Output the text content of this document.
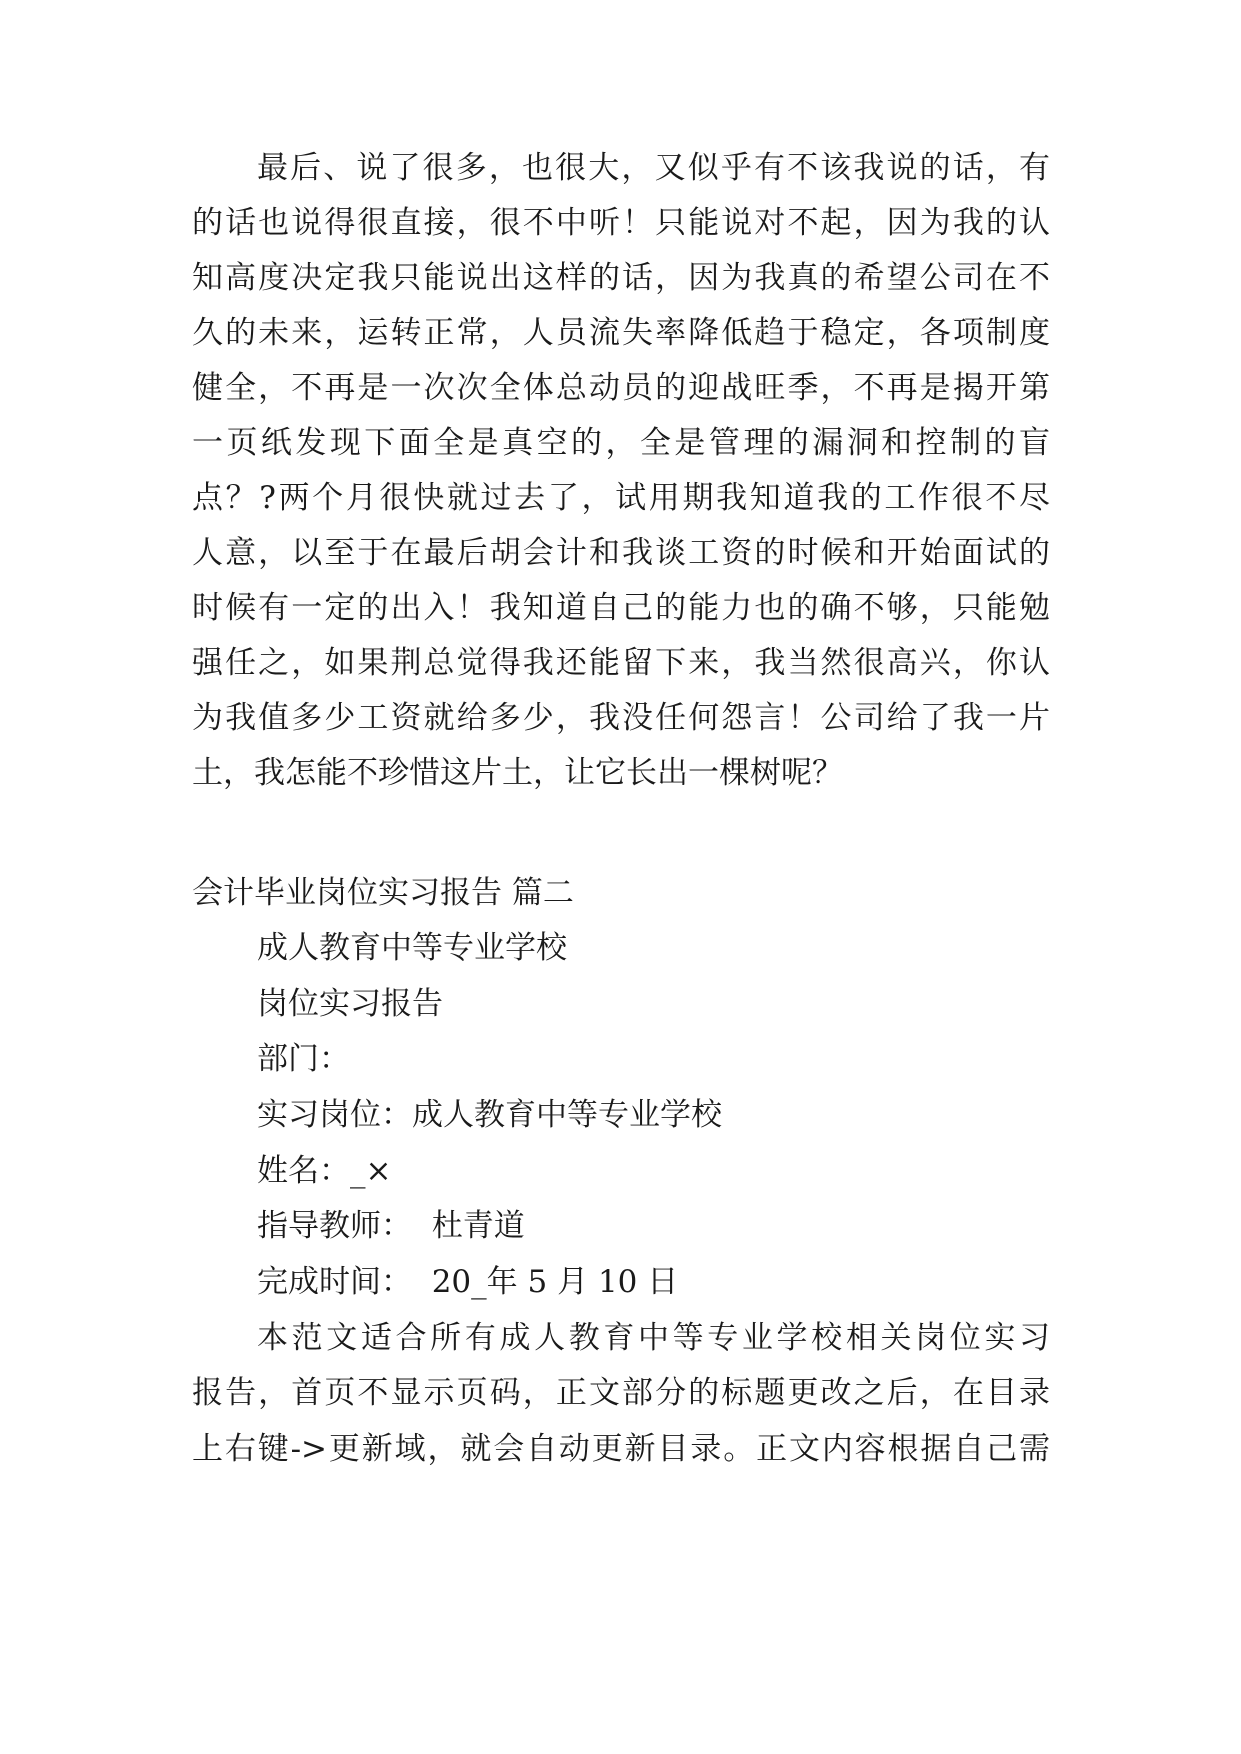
最后、说了很多，也很大，又似乎有不该我说的话，有
的话也说得很直接，很不中听！只能说对不起，因为我的认
知高度决定我只能说出这样的话，因为我真的希望公司在不
久的未来，运转正常，人员流失率降低趋于稳定，各项制度
健全，不再是一次次全体总动员的迎战旺季，不再是揭开第
一页纸发现下面全是真空的，全是管理的漏洞和控制的盲
点？?两个月很快就过去了，试用期我知道我的工作很不尽
人意，以至于在最后胡会计和我谈工资的时候和开始面试的
时候有一定的出入！我知道自己的能力也的确不够，只能勉
强任之，如果荆总觉得我还能留下来，我当然很高兴，你认
为我值多少工资就给多少，我没任何怨言！公司给了我一片
土，我怎能不珍惜这片土，让它长出一棵树呢？
会计毕业岗位实习报告 篇二
成人教育中等专业学校
岗位实习报告
部门：
实习岗位：成人教育中等专业学校
姓名：_×
指导教师：  杜青道
完成时间：  20_年 5 月 10 日
本范文适合所有成人教育中等专业学校相关岗位实习
报告，首页不显示页码，正文部分的标题更改之后，在目录
上右键->更新域，就会自动更新目录。正文内容根据自己需
